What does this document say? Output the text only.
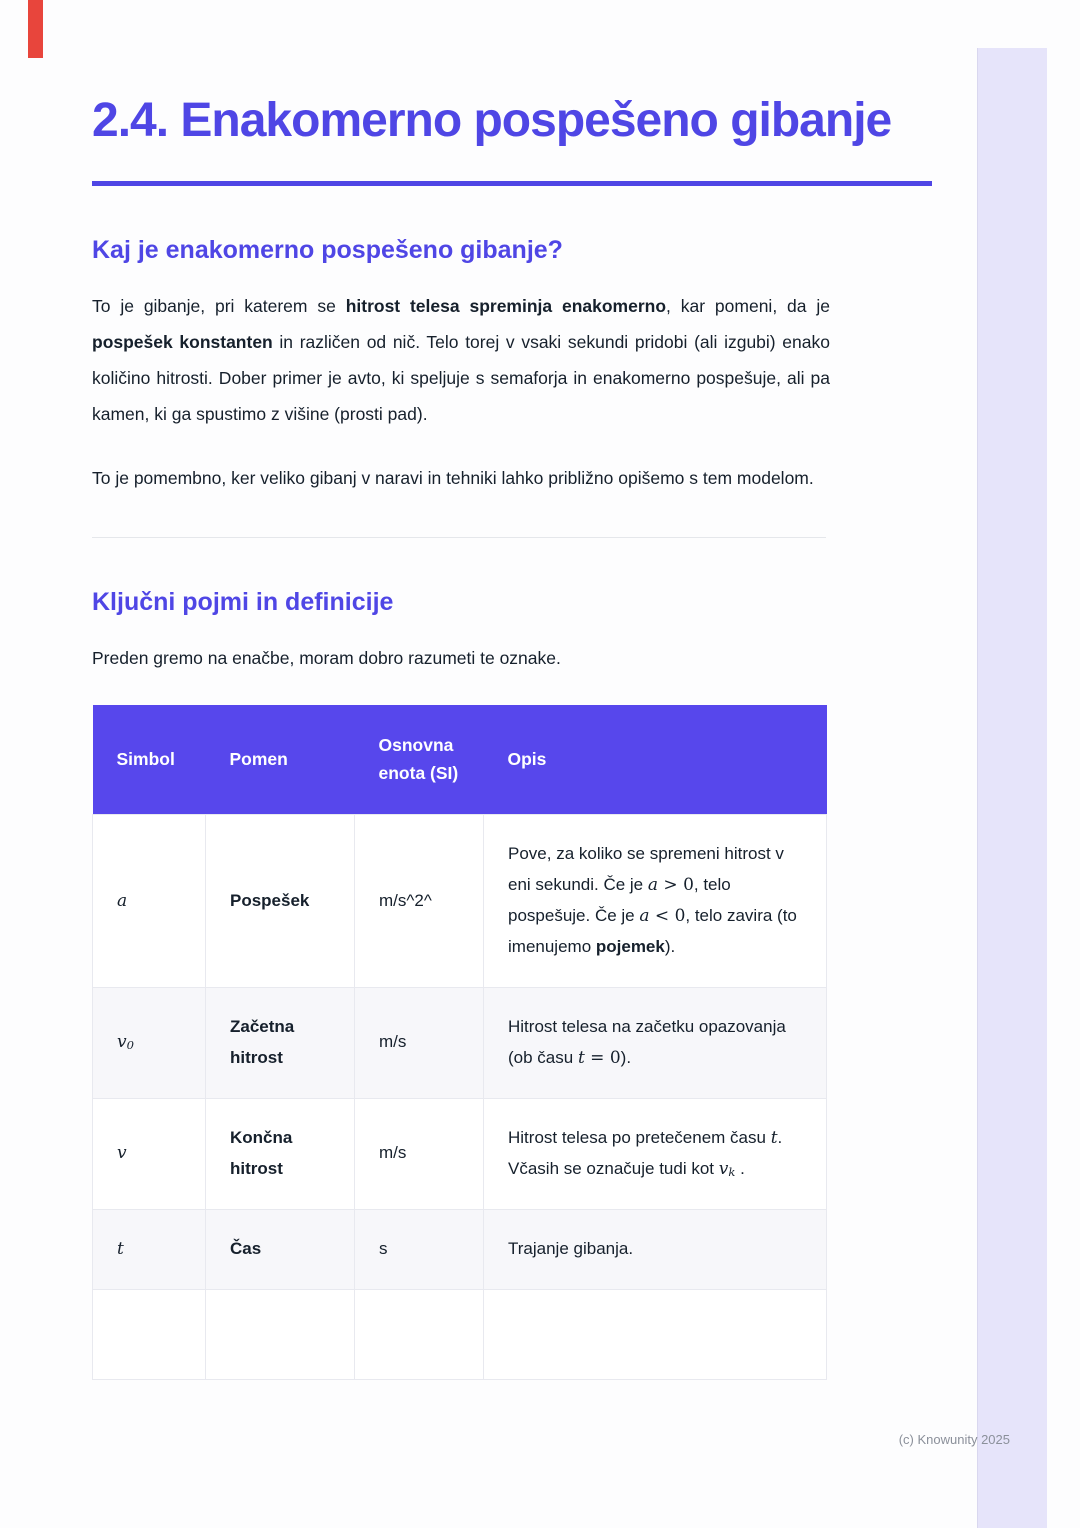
2.4. Enakomerno pospešeno gibanje
Kaj je enakomerno pospešeno gibanje?

To je gibanje, pri katerem se hitrost telesa spreminja enakomerno, kar pomeni, da je pospešek konstanten in različen od nič. Telo torej v vsaki sekundi pridobi (ali izgubi) enako količino hitrosti. Dober primer je avto, ki speljuje s semaforja in enakomerno pospešuje, ali pa kamen, ki ga spustimo z višine (prosti pad).

To je pomembno, ker veliko gibanj v naravi in tehniki lahko približno opišemo s tem modelom.

Ključni pojmi in definicije

Preden gremo na enačbe, moram dobro razumeti te oznake.

Simbol	Pomen	Osnovna enota (SI)	Opis
a	Pospešek	m/s^2^	Pove, za koliko se spremeni hitrost v eni sekundi. Če je a > 0, telo pospešuje. Če je a < 0, telo zavira (to imenujemo pojemek).
v0	Začetna hitrost	m/s	Hitrost telesa na začetku opazovanja (ob času t = 0).
v	Končna hitrost	m/s	Hitrost telesa po pretečenem času t. Včasih se označuje tudi kot vk .
t	Čas	s	Trajanje gibanja.

(c) Knowunity 2025
